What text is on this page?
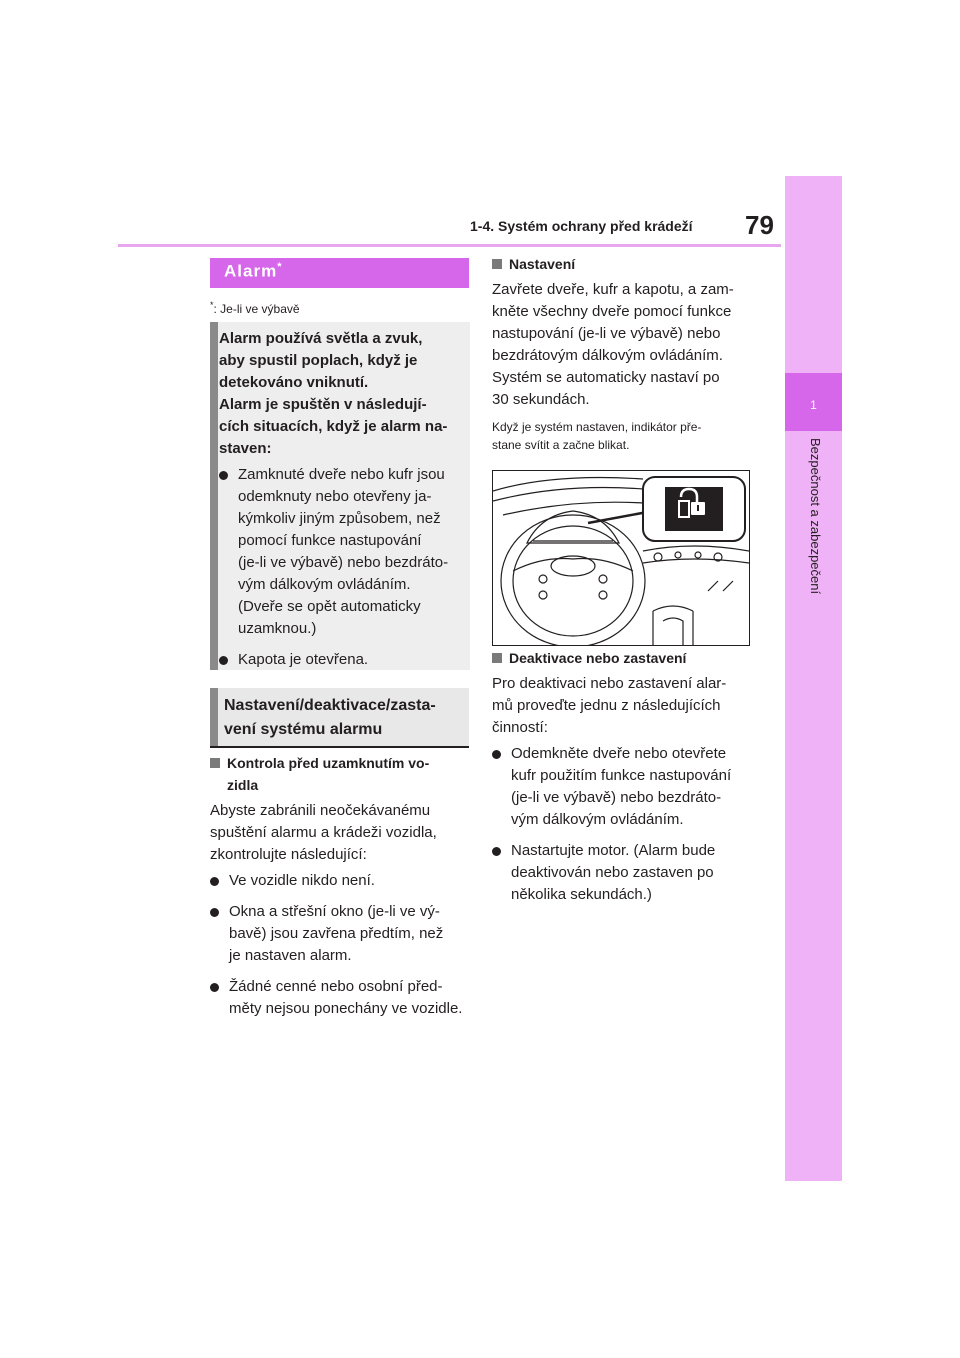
1-4. Systém ochrany před krádeží 79
1
Bezpečnost a zabezpečení
Alarm*
*: Je-li ve výbavě
Alarm používá světla a zvuk,
aby spustil poplach, když je
detekováno vniknutí.
Alarm je spuštěn v následují-
cích situacích, když je alarm na-
staven:
Zamknuté dveře nebo kufr jsou
odemknuty nebo otevřeny ja-
kýmkoliv jiným způsobem, než
pomocí funkce nastupování
(je-li ve výbavě) nebo bezdráto-
vým dálkovým ovládáním.
(Dveře se opět automaticky
uzamknou.)
Kapota je otevřena.
Nastavení/deaktivace/zasta-
vení systému alarmu
Kontrola před uzamknutím vo-
zidla
Abyste zabránili neočekávanému
spuštění alarmu a krádeži vozidla,
zkontrolujte následující:
Ve vozidle nikdo není.
Okna a střešní okno (je-li ve vý-
bavě) jsou zavřena předtím, než
je nastaven alarm.
Žádné cenné nebo osobní před-
měty nejsou ponechány ve vozidle.
Nastavení
Zavřete dveře, kufr a kapotu, a zam-
kněte všechny dveře pomocí funkce
nastupování (je-li ve výbavě) nebo
bezdrátovým dálkovým ovládáním.
Systém se automaticky nastaví po
30 sekundách.
Když je systém nastaven, indikátor pře-
stane svítit a začne blikat.
Deaktivace nebo zastavení
Pro deaktivaci nebo zastavení alar-
mů proveďte jednu z následujících
činností:
Odemkněte dveře nebo otevřete
kufr použitím funkce nastupování
(je-li ve výbavě) nebo bezdráto-
vým dálkovým ovládáním.
Nastartujte motor. (Alarm bude
deaktivován nebo zastaven po
několika sekundách.)
